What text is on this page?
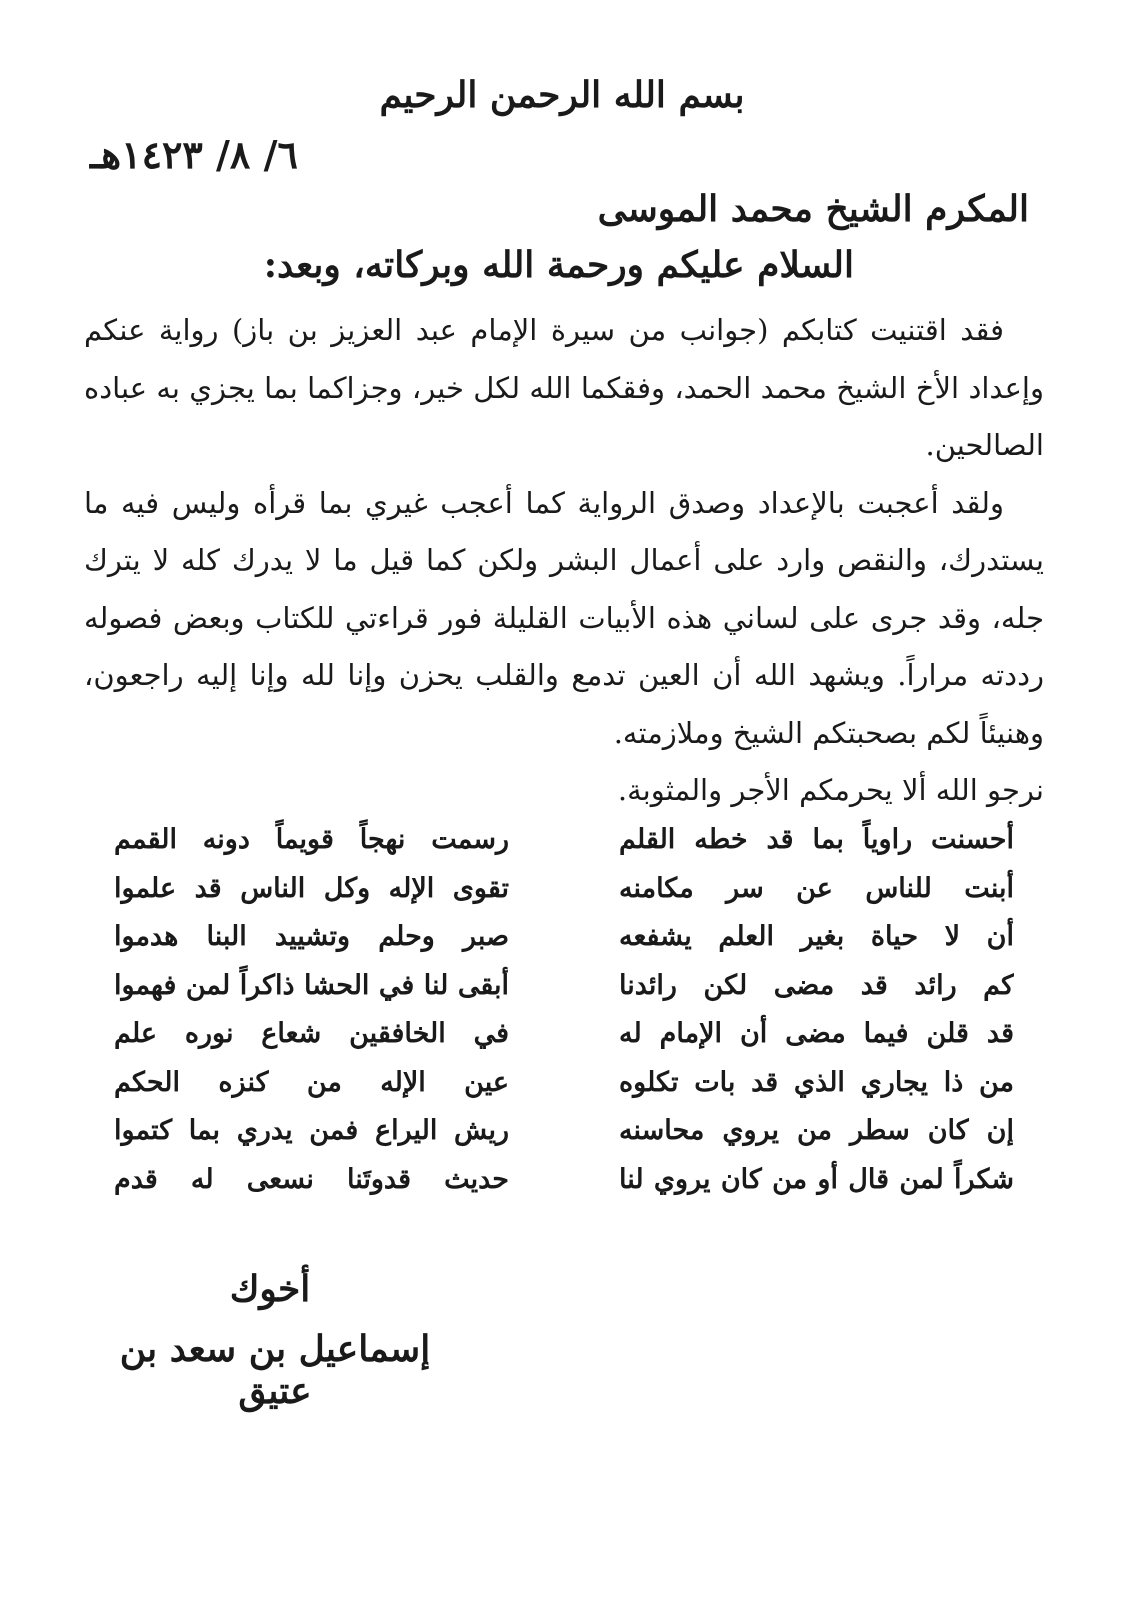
بسم الله الرحمن الرحيم
٦/ ٨/ ١٤٢٣هـ
المكرم الشيخ محمد الموسى
السلام عليكم ورحمة الله وبركاته، وبعد:

فقد اقتنيت كتابكم (جوانب من سيرة الإمام عبد العزيز بن باز) رواية عنكم وإعداد الأخ الشيخ محمد الحمد، وفقكما الله لكل خير، وجزاكما بما يجزي به عباده الصالحين.

ولقد أعجبت بالإعداد وصدق الرواية كما أعجب غيري بما قرأه وليس فيه ما يستدرك، والنقص وارد على أعمال البشر ولكن كما قيل ما لا يدرك كله لا يترك جله، وقد جرى على لساني هذه الأبيات القليلة فور قراءتي للكتاب وبعض فصوله رددته مراراً. ويشهد الله أن العين تدمع والقلب يحزن وإنا لله وإنا إليه راجعون، وهنيئاً لكم بصحبتكم الشيخ وملازمته.

نرجو الله ألا يحرمكم الأجر والمثوبة.

أحسنت راوياً بما قد خطه القلم
رسمت نهجاً قويماً دونه القمم
أبنت للناس عن سر مكامنه
تقوى الإله وكل الناس قد علموا
أن لا حياة بغير العلم يشفعه
صبر وحلم وتشييد البنا هدموا
كم رائد قد مضى لكن رائدنا
أبقى لنا في الحشا ذاكراً لمن فهموا
قد قلن فيما مضى أن الإمام له
في الخافقين شعاع نوره علم
من ذا يجاري الذي قد بات تكلوه
عين الإله من كنزه الحكم
إن كان سطر من يروي محاسنه
ريش اليراع فمن يدري بما كتموا
شكراً لمن قال أو من كان يروي لنا
حديث قدوتَنا نسعى له قدم
أخوك
إسماعيل بن سعد بن عتيق
